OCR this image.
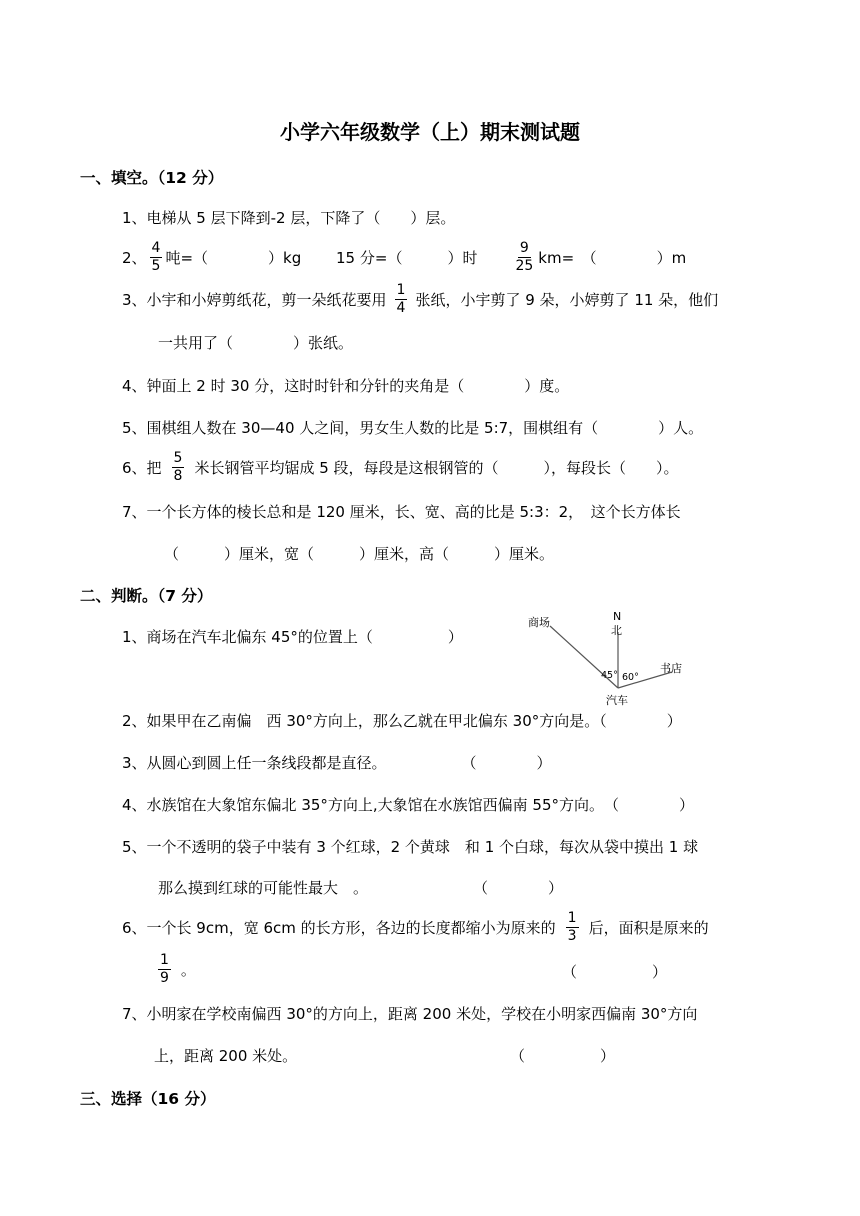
小学六年级数学（上）期末测试题
一、填空。（12 分）
1、电梯从 5 层下降到-2 层，下降了（　　）层。
2、 $\frac{4}{5}$ 吨=（　　　　）kg　　 15 分=（　　　）时	$\frac{9}{25} km=$　（　　　　）m
3、小宇和小婷剪纸花，剪一朵纸花要用 $\frac{1}{4}$ 张纸，小宇剪了 9 朵，小婷剪了 11 朵，他们
一共用了（　　　　）张纸。
4、钟面上 2 时 30 分，这时时针和分针的夹角是（　　　　）度。
5、围棋组人数在 30—40 人之间，男女生人数的比是 5:7，围棋组有（　　　　）人。
6、把 $\frac{5}{8}$ 米长钢管平均锯成 5 段，每段是这根钢管的（　　　），每段长（　　）。
7、一个长方体的棱长总和是 120 厘米，长、宽、高的比是 5:3：2，　这个长方体长
（　　　）厘米，宽（　　　）厘米，高（　　　）厘米。
二、判断。（7 分）
1、商场在汽车北偏东 45°的位置上（　　　　　）
商场	N
北
书店
45° 60°
汽车
2、如果甲在乙南偏　西 30°方向上，那么乙就在甲北偏东 30°方向是。（　　　　）
3、从圆心到圆上任一条线段都是直径。　　　　　　（　　　　）
4、水族馆在大象馆东偏北 35°方向上,大象馆在水族馆西偏南 55°方向。　（　　　　）
5、一个不透明的袋子中装有 3 个红球，2 个黄球　和 1 个白球，每次从袋中摸出 1 球
那么摸到红球的可能性最大　。　　　　　　　　（　　　　）
6、一个长 9cm，宽 6cm 的长方形，各边的长度都缩小为原来的 $\frac{1}{3}$ 后，面积是原来的
$\frac{1}{9}$ 。	（　　　　　）
7、小明家在学校南偏西 30°的方向上，距离 200 米处，学校在小明家西偏南 30°方向
上，距离 200 米处。	（　　　　　）
三、选择（16 分）
